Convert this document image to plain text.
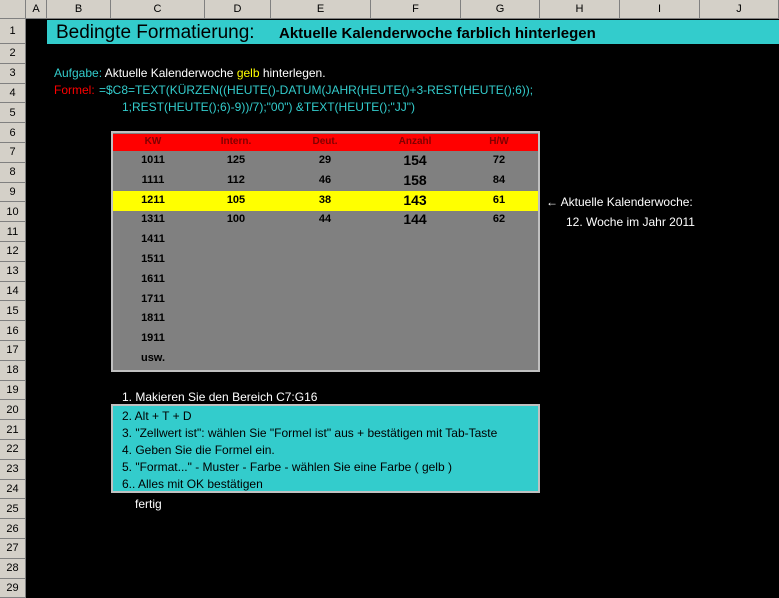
A	B	C	D	E	F	G	H	I	J
1
2
3
4
5
6
7
8
9
10
11
12
13
14
15
16
17
18
19
20
21
22
23
24
25
26
27
28
29
Bedingte Formatierung: Aktuelle Kalenderwoche farblich hinterlegen
Aufgabe: Aktuelle Kalenderwoche gelb hinterlegen.
Formel: =$C8=TEXT(KÜRZEN((HEUTE()-DATUM(JAHR(HEUTE()+3-REST(HEUTE();6));
1;REST(HEUTE();6)-9))/7);"00") &TEXT(HEUTE();"JJ")
KW	Intern.	Deut.	Anzahl	H/W
1011	125	29	154	72
1111	112	46	158	84
1211	105	38	143	61
1311	100	44	144	62
1411
1511
1611
1711
1811
1911
usw.
← Aktuelle Kalenderwoche:
12. Woche im Jahr 2011
1. Makieren Sie den Bereich C7:G16
2. Alt + T + D
3. "Zellwert ist": wählen Sie "Formel ist" aus + bestätigen mit Tab-Taste
4. Geben Sie die Formel ein.
5. "Format..." - Muster - Farbe - wählen Sie eine Farbe ( gelb )
6.. Alles mit OK bestätigen
fertig
